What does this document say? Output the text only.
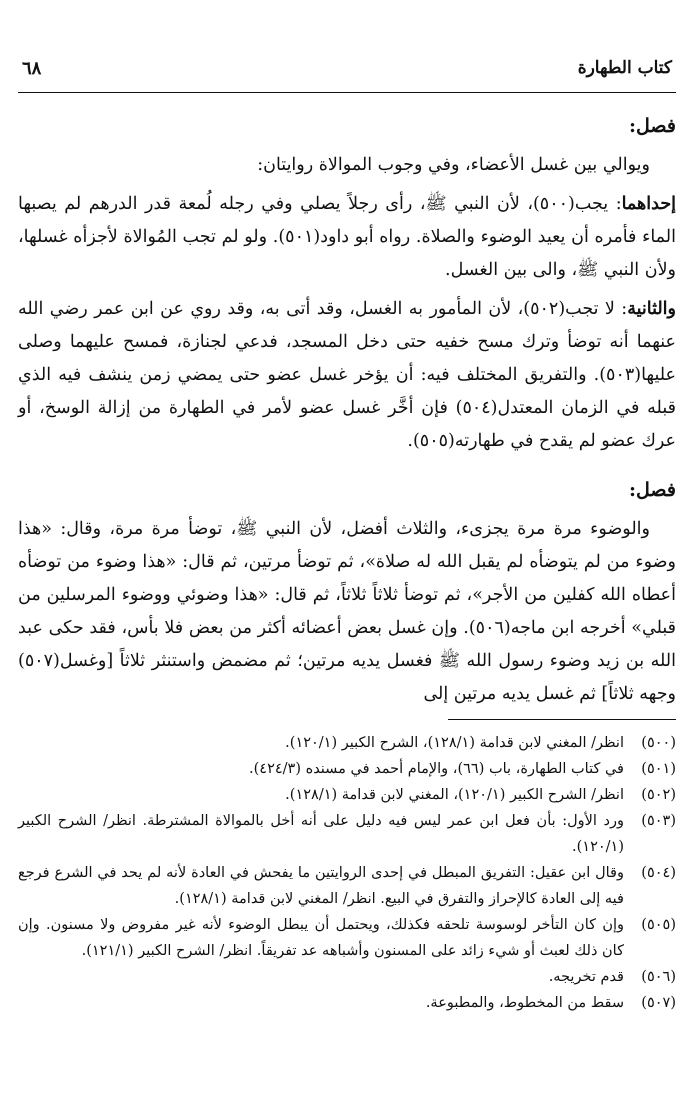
كتاب الطهارة
٦٨
فصل:

ويوالي بين غسل الأعضاء، وفي وجوب الموالاة روايتان:

إحداهما: يجب(٥٠٠)، لأن النبي ﷺ، رأى رجلاً يصلي وفي رجله لُمعة قدر الدرهم لم يصبها الماء فأمره أن يعيد الوضوء والصلاة. رواه أبو داود(٥٠١). ولو لم تجب المُوالاة لأجزأه غسلها، ولأن النبي ﷺ، والى بين الغسل.

والثانية: لا تجب(٥٠٢)، لأن المأمور به الغسل، وقد أتى به، وقد روي عن ابن عمر رضي الله عنهما أنه توضأ وترك مسح خفيه حتى دخل المسجد، فدعي لجنازة، فمسح عليهما وصلى عليها(٥٠٣). والتفريق المختلف فيه: أن يؤخر غسل عضو حتى يمضي زمن ينشف فيه الذي قبله في الزمان المعتدل(٥٠٤) فإن أخَّر غسل عضو لأمر في الطهارة من إزالة الوسخ، أو عرك عضو لم يقدح في طهارته(٥٠٥).

فصل:

والوضوء مرة مرة يجزىء، والثلاث أفضل، لأن النبي ﷺ، توضأ مرة مرة، وقال: «هذا وضوء من لم يتوضأه لم يقبل الله له صلاة»، ثم توضأ مرتين، ثم قال: «هذا وضوء من توضأه أعطاه الله كفلين من الأجر»، ثم توضأ ثلاثاً ثلاثاً، ثم قال: «هذا وضوئي ووضوء المرسلين من قبلي» أخرجه ابن ماجه(٥٠٦). وإن غسل بعض أعضائه أكثر من بعض فلا بأس، فقد حكى عبد الله بن زيد وضوء رسول الله ﷺ فغسل يديه مرتين؛ ثم مضمض واستنثر ثلاثاً [وغسل(٥٠٧) وجهه ثلاثاً] ثم غسل يديه مرتين إلى

(٥٠٠)
انظر/ المغني لابن قدامة (١٢٨/١)، الشرح الكبير (١٢٠/١).
(٥٠١)
في كتاب الطهارة، باب (٦٦)، والإمام أحمد في مسنده (٤٢٤/٣).
(٥٠٢)
انظر/ الشرح الكبير (١٢٠/١)، المغني لابن قدامة (١٢٨/١).
(٥٠٣)
ورد الأول: بأن فعل ابن عمر ليس فيه دليل على أنه أخل بالموالاة المشترطة. انظر/ الشرح الكبير (١٢٠/١).
(٥٠٤)
وقال ابن عقيل: التفريق المبطل في إحدى الروايتين ما يفحش في العادة لأنه لم يحد في الشرع فرجع فيه إلى العادة كالإحراز والتفرق في البيع. انظر/ المغني لابن قدامة (١٢٨/١).
(٥٠٥)
وإن كان التأخر لوسوسة تلحقه فكذلك، ويحتمل أن يبطل الوضوء لأنه غير مفروض ولا مسنون. وإن كان ذلك لعبث أو شيء زائد على المسنون وأشباهه عد تفريقاً. انظر/ الشرح الكبير (١٢١/١).
(٥٠٦)
قدم تخريجه.
(٥٠٧)
سقط من المخطوط، والمطبوعة.
